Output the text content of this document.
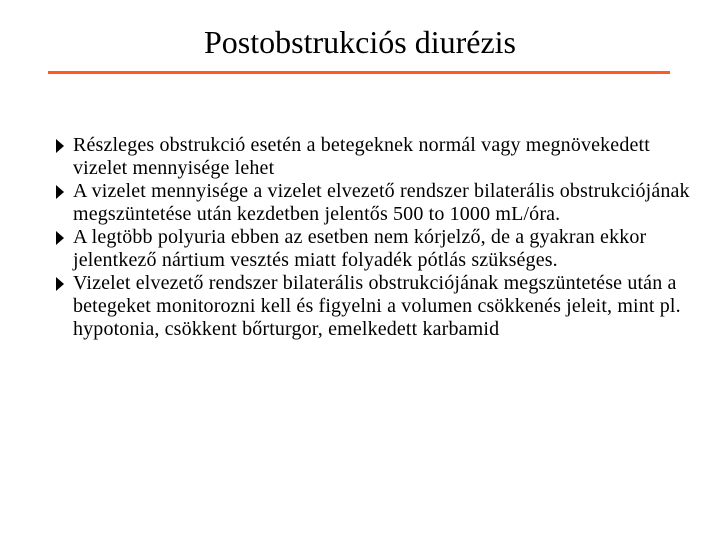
Postobstrukciós diurézis
Részleges obstrukció esetén a betegeknek normál vagy megnövekedett vizelet mennyisége lehet
A vizelet mennyisége a vizelet elvezető rendszer bilaterális obstrukciójának megszüntetése után kezdetben jelentős 500 to 1000 mL/óra.
A legtöbb polyuria ebben az esetben nem kórjelző, de a gyakran ekkor jelentkező nártium vesztés miatt folyadék pótlás szükséges.
Vizelet elvezető rendszer bilaterális obstrukciójának megszüntetése után a betegeket monitorozni kell és figyelni a volumen csökkenés jeleit, mint pl. hypotonia, csökkent bőrturgor, emelkedett karbamid
